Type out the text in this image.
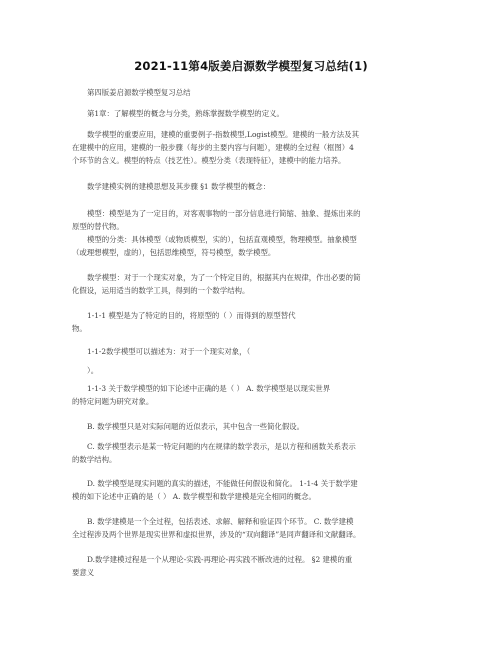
2021-11第4版姜启源数学模型复习总结(1)
第四版姜启源数学模型复习总结
第1章：了解模型的概念与分类，熟练掌握数学模型的定义。
数学模型的重要应用，建模的重要例子-指数模型,Logist模型。建模的一般方法及其
在建模中的应用，建模的一般步骤（每步的主要内容与问题），建模的全过程（框图）4
个环节的含义。模型的特点（技艺性）。模型分类（表现特征），建模中的能力培养。
数学建模实例的建模思想及其步骤 §1 数学模型的概念：
模型：模型是为了一定目的，对客观事物的一部分信息进行简缩、抽象、提炼出来的
原型的替代物。
模型的分类：具体模型（或物质模型，实的），包括直观模型，物理模型。抽象模型
（或理想模型，虚的），包括思维模型，符号模型，数学模型。
数学模型：对于一个现实对象，为了一个特定目的，根据其内在规律，作出必要的简
化假设，运用适当的数学工具，得到的一个数学结构。
1-1-1 模型是为了特定的目的，将原型的（ ）而得到的原型替代
物。
1-1-2数学模型可以描述为：对于一个现实对象，（
）。
1-1-3 关于数学模型的如下论述中正确的是（ ） A. 数学模型是以现实世界
的特定问题为研究对象。
B. 数学模型只是对实际问题的近似表示，其中包含一些简化假设。
C. 数学模型表示是某一特定问题的内在规律的数学表示，是以方程和函数关系表示
的数学结构。
D. 数学模型是现实问题的真实的描述，不能做任何假设和简化。 1-1-4 关于数学建
模的如下论述中正确的是（ ） A. 数学模型和数学建模是完全相同的概念。
B. 数学建模是一个全过程，包括表述、求解、解释和验证四个环节。 C. 数学建模
全过程涉及两个世界是现实世界和虚拟世界，涉及的“双向翻译”是同声翻译和文献翻译。
D.数学建模过程是一个从理论-实践-再理论-再实践不断改进的过程。 §2 建模的重
要意义
